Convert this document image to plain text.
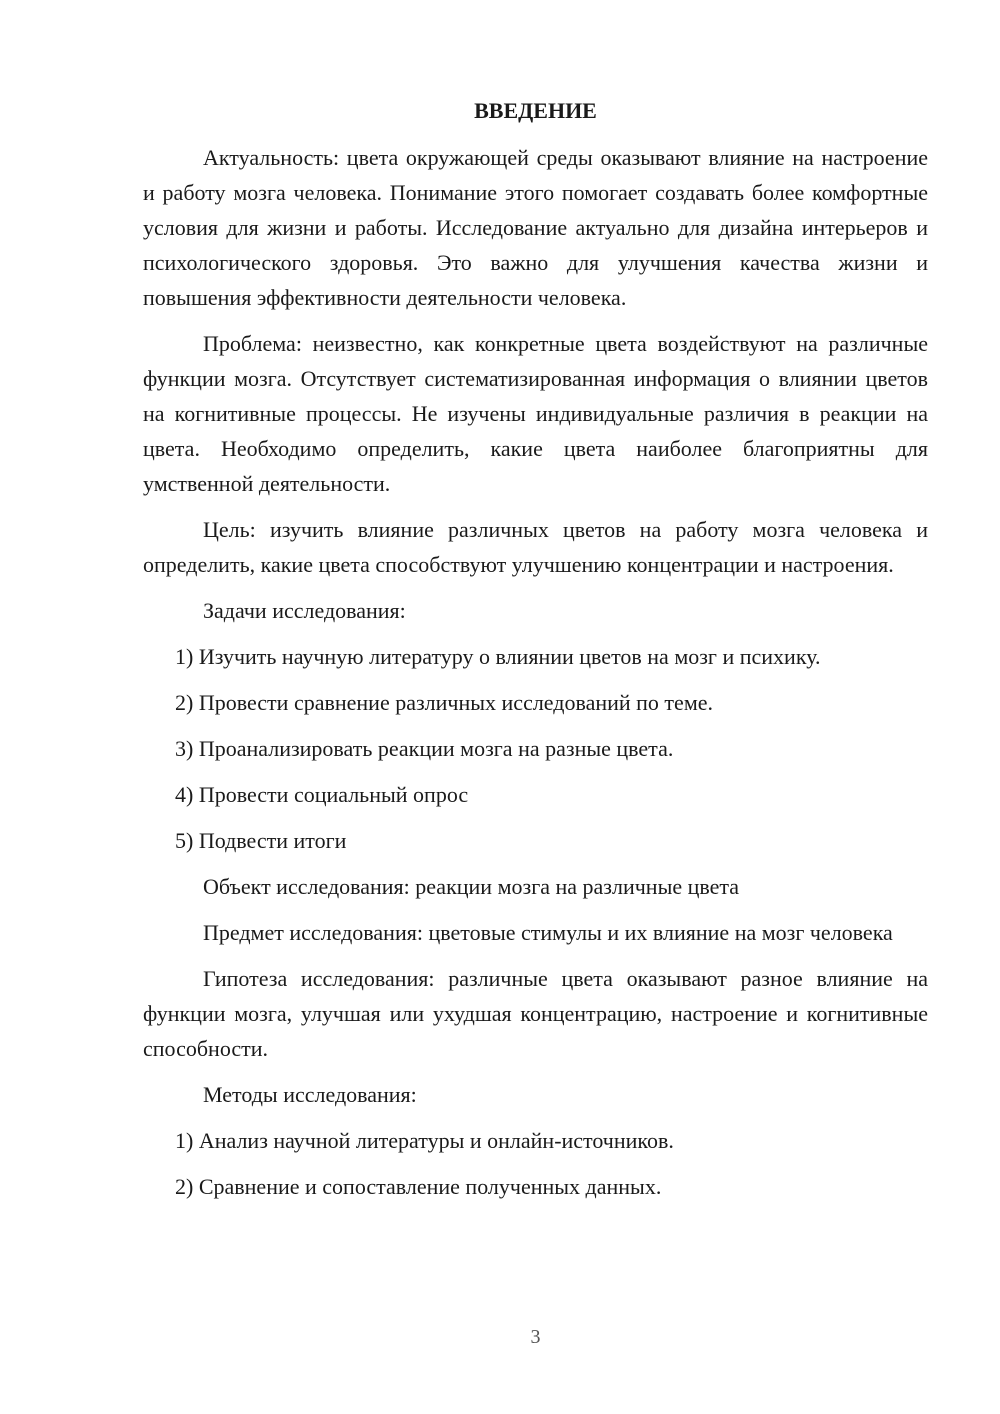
ВВЕДЕНИЕ

Актуальность: цвета окружающей среды оказывают влияние на настроение и работу мозга человека. Понимание этого помогает создавать более комфортные условия для жизни и работы. Исследование актуально для дизайна интерьеров и психологического здоровья. Это важно для улучшения качества жизни и повышения эффективности деятельности человека.

Проблема: неизвестно, как конкретные цвета воздействуют на различные функции мозга. Отсутствует систематизированная информация о влиянии цветов на когнитивные процессы. Не изучены индивидуальные различия в реакции на цвета. Необходимо определить, какие цвета наиболее благоприятны для умственной деятельности.

Цель: изучить влияние различных цветов на работу мозга человека и определить, какие цвета способствуют улучшению концентрации и настроения.

Задачи исследования:

1) Изучить научную литературу о влиянии цветов на мозг и психику.

2) Провести сравнение различных исследований по теме.

3) Проанализировать реакции мозга на разные цвета.

4) Провести социальный опрос

5) Подвести итоги

Объект исследования: реакции мозга на различные цвета

Предмет исследования: цветовые стимулы и их влияние на мозг человека

Гипотеза исследования: различные цвета оказывают разное влияние на функции мозга, улучшая или ухудшая концентрацию, настроение и когнитивные способности.

Методы исследования:

1) Анализ научной литературы и онлайн-источников.

2) Сравнение и сопоставление полученных данных.

3
